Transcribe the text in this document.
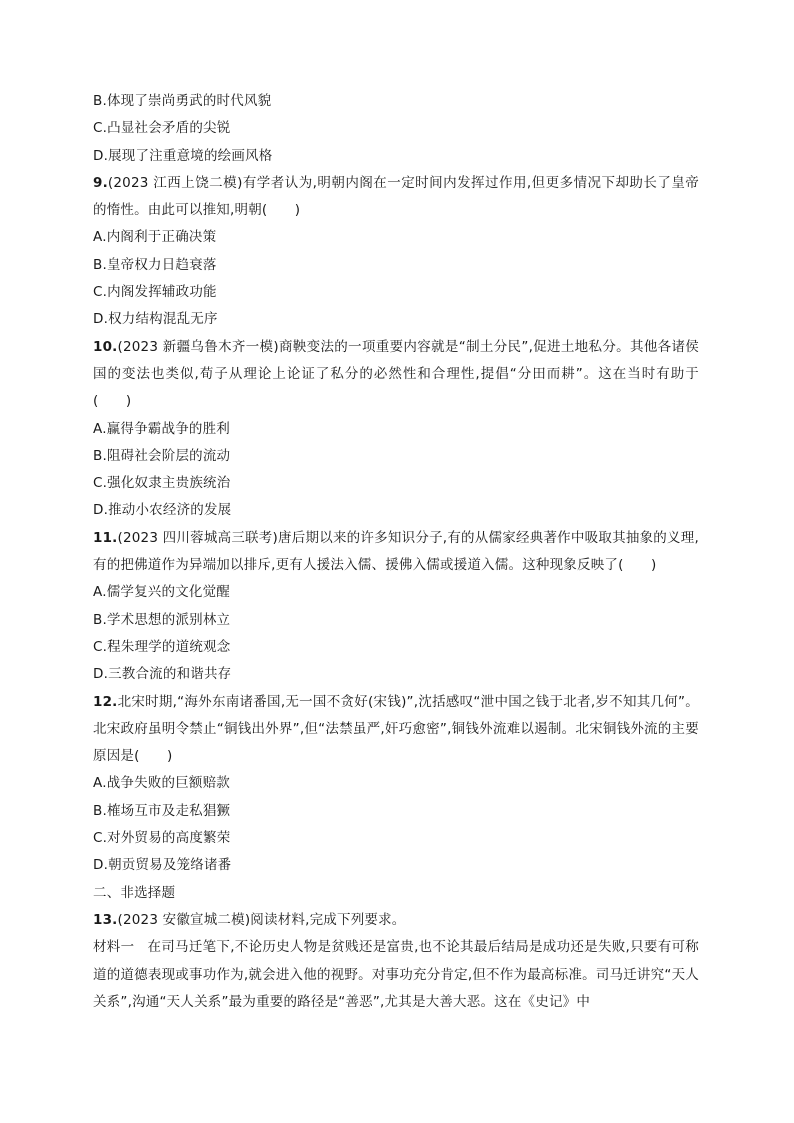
B.体现了崇尚勇武的时代风貌
C.凸显社会矛盾的尖锐
D.展现了注重意境的绘画风格
9.(2023 江西上饶二模)有学者认为,明朝内阁在一定时间内发挥过作用,但更多情况下却助长了皇帝的惰性。由此可以推知,明朝(　　)
A.内阁利于正确决策
B.皇帝权力日趋衰落
C.内阁发挥辅政功能
D.权力结构混乱无序
10.(2023 新疆乌鲁木齐一模)商鞅变法的一项重要内容就是“制土分民”,促进土地私分。其他各诸侯国的变法也类似,荀子从理论上论证了私分的必然性和合理性,提倡“分田而耕”。这在当时有助于(　　)
A.赢得争霸战争的胜利
B.阻碍社会阶层的流动
C.强化奴隶主贵族统治
D.推动小农经济的发展
11.(2023 四川蓉城高三联考)唐后期以来的许多知识分子,有的从儒家经典著作中吸取其抽象的义理,有的把佛道作为异端加以排斥,更有人援法入儒、援佛入儒或援道入儒。这种现象反映了(　　)
A.儒学复兴的文化觉醒
B.学术思想的派别林立
C.程朱理学的道统观念
D.三教合流的和谐共存
12.北宋时期,“海外东南诸番国,无一国不贪好(宋钱)”,沈括感叹“泄中国之钱于北者,岁不知其几何”。北宋政府虽明令禁止“铜钱出外界”,但“法禁虽严,奸巧愈密”,铜钱外流难以遏制。北宋铜钱外流的主要原因是(　　)
A.战争失败的巨额赔款
B.榷场互市及走私猖獗
C.对外贸易的高度繁荣
D.朝贡贸易及笼络诸番
二、非选择题
13.(2023 安徽宣城二模)阅读材料,完成下列要求。
材料一 在司马迁笔下,不论历史人物是贫贱还是富贵,也不论其最后结局是成功还是失败,只要有可称道的道德表现或事功作为,就会进入他的视野。对事功充分肯定,但不作为最高标准。司马迁讲究“天人关系”,沟通“天人关系”最为重要的路径是“善恶”,尤其是大善大恶。这在《史记》中
